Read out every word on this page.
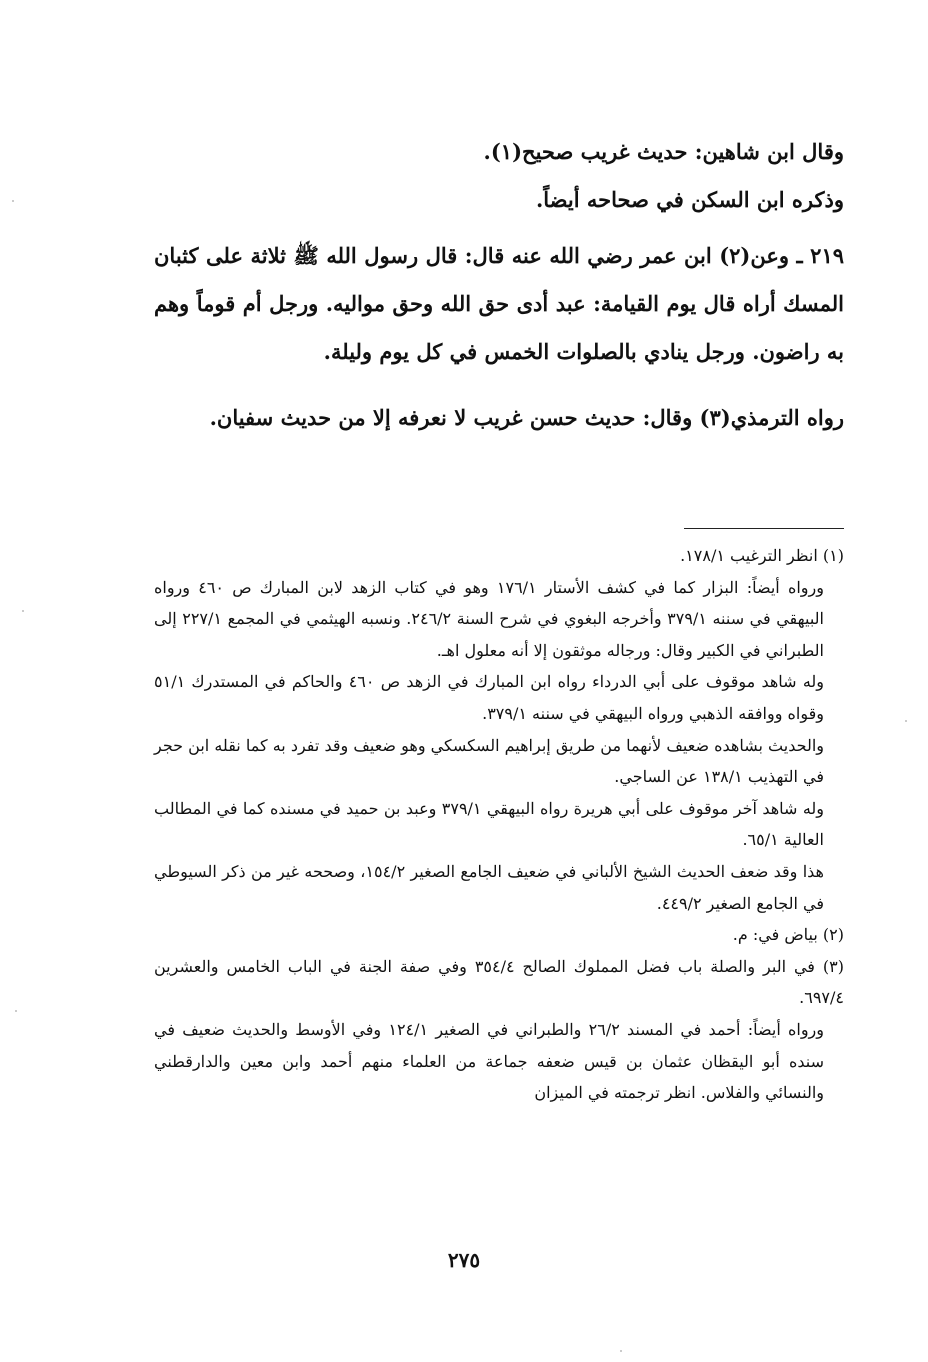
وقال ابن شاهين: حديث غريب صحيح(١).

وذكره ابن السكن في صحاحه أيضاً.

٢١٩ ـ وعن(٢) ابن عمر رضي الله عنه قال: قال رسول الله ﷺ ثلاثة على كثبان المسك أراه قال يوم القيامة: عبد أدى حق الله وحق مواليه. ورجل أم قوماً وهم به راضون. ورجل ينادي بالصلوات الخمس في كل يوم وليلة.

رواه الترمذي(٣) وقال: حديث حسن غريب لا نعرفه إلا من حديث سفيان.

(١) انظر الترغيب ١٧٨/١.

ورواه أيضاً: البزار كما في كشف الأستار ١٧٦/١ وهو في كتاب الزهد لابن المبارك ص ٤٦٠ ورواه البيهقي في سننه ٣٧٩/١ وأخرجه البغوي في شرح السنة ٢٤٦/٢. ونسبه الهيثمي في المجمع ٢٢٧/١ إلى الطبراني في الكبير وقال: ورجاله موثقون إلا أنه معلول اهـ.

وله شاهد موقوف على أبي الدرداء رواه ابن المبارك في الزهد ص ٤٦٠ والحاكم في المستدرك ٥١/١ وقواه ووافقه الذهبي ورواه البيهقي في سننه ٣٧٩/١.

والحديث بشاهده ضعيف لأنهما من طريق إبراهيم السكسكي وهو ضعيف وقد تفرد به كما نقله ابن حجر في التهذيب ١٣٨/١ عن الساجي.

وله شاهد آخر موقوف على أبي هريرة رواه البيهقي ٣٧٩/١ وعبد بن حميد في مسنده كما في المطالب العالية ٦٥/١.

هذا وقد ضعف الحديث الشيخ الألباني في ضعيف الجامع الصغير ١٥٤/٢، وصححه غير من ذكر السيوطي في الجامع الصغير ٤٤٩/٢.

(٢) بياض في: م.

(٣) في البر والصلة باب فضل المملوك الصالح ٣٥٤/٤ وفي صفة الجنة في الباب الخامس والعشرين ٦٩٧/٤.

ورواه أيضاً: أحمد في المسند ٢٦/٢ والطبراني في الصغير ١٢٤/١ وفي الأوسط والحديث ضعيف في سنده أبو اليقظان عثمان بن قيس ضعفه جماعة من العلماء منهم أحمد وابن معين والدارقطني والنسائي والفلاس. انظر ترجمته في الميزان

٢٧٥
